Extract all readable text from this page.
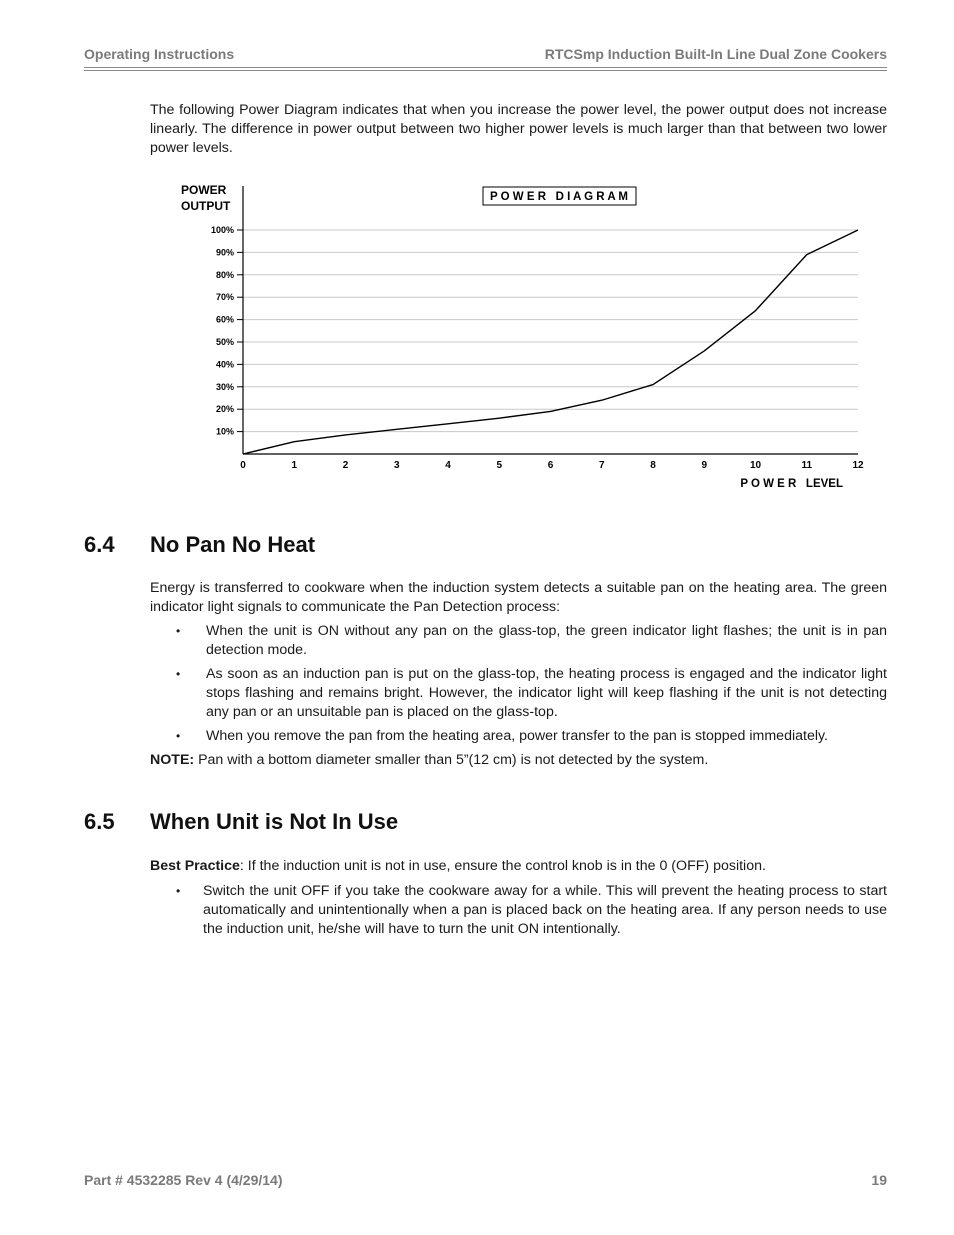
Operating Instructions	RTCSmp Induction Built-In Line Dual Zone Cookers

The following Power Diagram indicates that when you increase the power level, the power output does not increase linearly. The difference in power output between two higher power levels is much larger than that between two lower power levels.

100%
90%
80%
70%
60%
50%
40%
30%
20%
10%
0	1	2	3	4	5	6	7	8	9	10	11	12
POWER
OUTPUT
P O W E R   D I A G R A M
P O W E R   LEVEL
6.4 No Pan No Heat

Energy is transferred to cookware when the induction system detects a suitable pan on the heating area. The green indicator light signals to communicate the Pan Detection process:

• When the unit is ON without any pan on the glass-top, the green indicator light flashes; the unit is in pan detection mode.
• As soon as an induction pan is put on the glass-top, the heating process is engaged and the indicator light stops flashing and remains bright. However, the indicator light will keep flashing if the unit is not detecting any pan or an unsuitable pan is placed on the glass-top.
• When you remove the pan from the heating area, power transfer to the pan is stopped immediately.

NOTE: Pan with a bottom diameter smaller than 5”(12 cm) is not detected by the system.

6.5 When Unit is Not In Use

Best Practice: If the induction unit is not in use, ensure the control knob is in the 0 (OFF) position.

• Switch the unit OFF if you take the cookware away for a while. This will prevent the heating process to start automatically and unintentionally when a pan is placed back on the heating area. If any person needs to use the induction unit, he/she will have to turn the unit ON intentionally.
Part # 4532285 Rev 4 (4/29/14)	19
